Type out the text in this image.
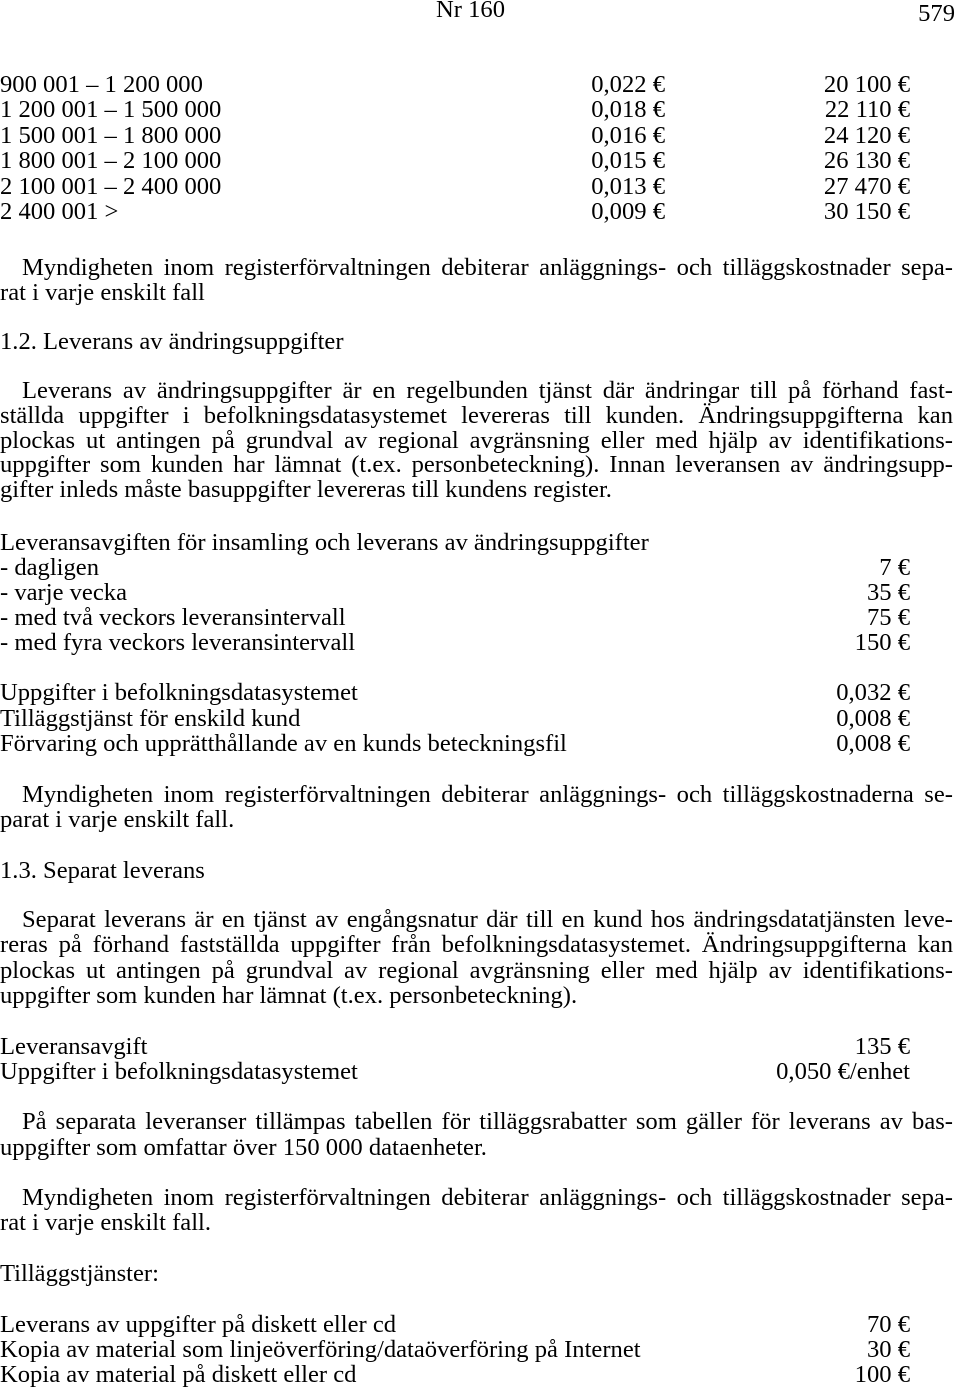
Nr 160	579
900 001 – 1 200 000	0,022 €	20 100 €
1 200 001 – 1 500 000	0,018 €	22 110 €
1 500 001 – 1 800 000	0,016 €	24 120 €
1 800 001 – 2 100 000	0,015 €	26 130 €
2 100 001 – 2 400 000	0,013 €	27 470 €
2 400 001 >	0,009 €	30 150 €
Myndigheten inom registerförvaltningen debiterar anläggnings- och tilläggskostnader sepa-
rat i varje enskilt fall
1.2. Leverans av ändringsuppgifter
Leverans av ändringsuppgifter är en regelbunden tjänst där ändringar till på förhand fast-
ställda uppgifter i befolkningsdatasystemet levereras till kunden. Ändringsuppgifterna kan
plockas ut antingen på grundval av regional avgränsning eller med hjälp av identifikations-
uppgifter som kunden har lämnat (t.ex. personbeteckning). Innan leveransen av ändringsupp-
gifter inleds måste basuppgifter levereras till kundens register.
Leveransavgiften för insamling och leverans av ändringsuppgifter
- dagligen	7 €
- varje vecka	35 €
- med två veckors leveransintervall	75 €
- med fyra veckors leveransintervall	150 €
Uppgifter i befolkningsdatasystemet	0,032 €
Tilläggstjänst för enskild kund	0,008 €
Förvaring och upprätthållande av en kunds beteckningsfil	0,008 €
Myndigheten inom registerförvaltningen debiterar anläggnings- och tilläggskostnaderna se-
parat i varje enskilt fall.
1.3. Separat leverans
Separat leverans är en tjänst av engångsnatur där till en kund hos ändringsdatatjänsten leve-
reras på förhand fastställda uppgifter från befolkningsdatasystemet. Ändringsuppgifterna kan
plockas ut antingen på grundval av regional avgränsning eller med hjälp av identifikations-
uppgifter som kunden har lämnat (t.ex. personbeteckning).
Leveransavgift	135 €
Uppgifter i befolkningsdatasystemet	0,050 €/enhet
På separata leveranser tillämpas tabellen för tilläggsrabatter som gäller för leverans av bas-
uppgifter som omfattar över 150 000 dataenheter.
Myndigheten inom registerförvaltningen debiterar anläggnings- och tilläggskostnader sepa-
rat i varje enskilt fall.
Tilläggstjänster:
Leverans av uppgifter på diskett eller cd	70 €
Kopia av material som linjeöverföring/dataöverföring på Internet	30 €
Kopia av material på diskett eller cd	100 €
